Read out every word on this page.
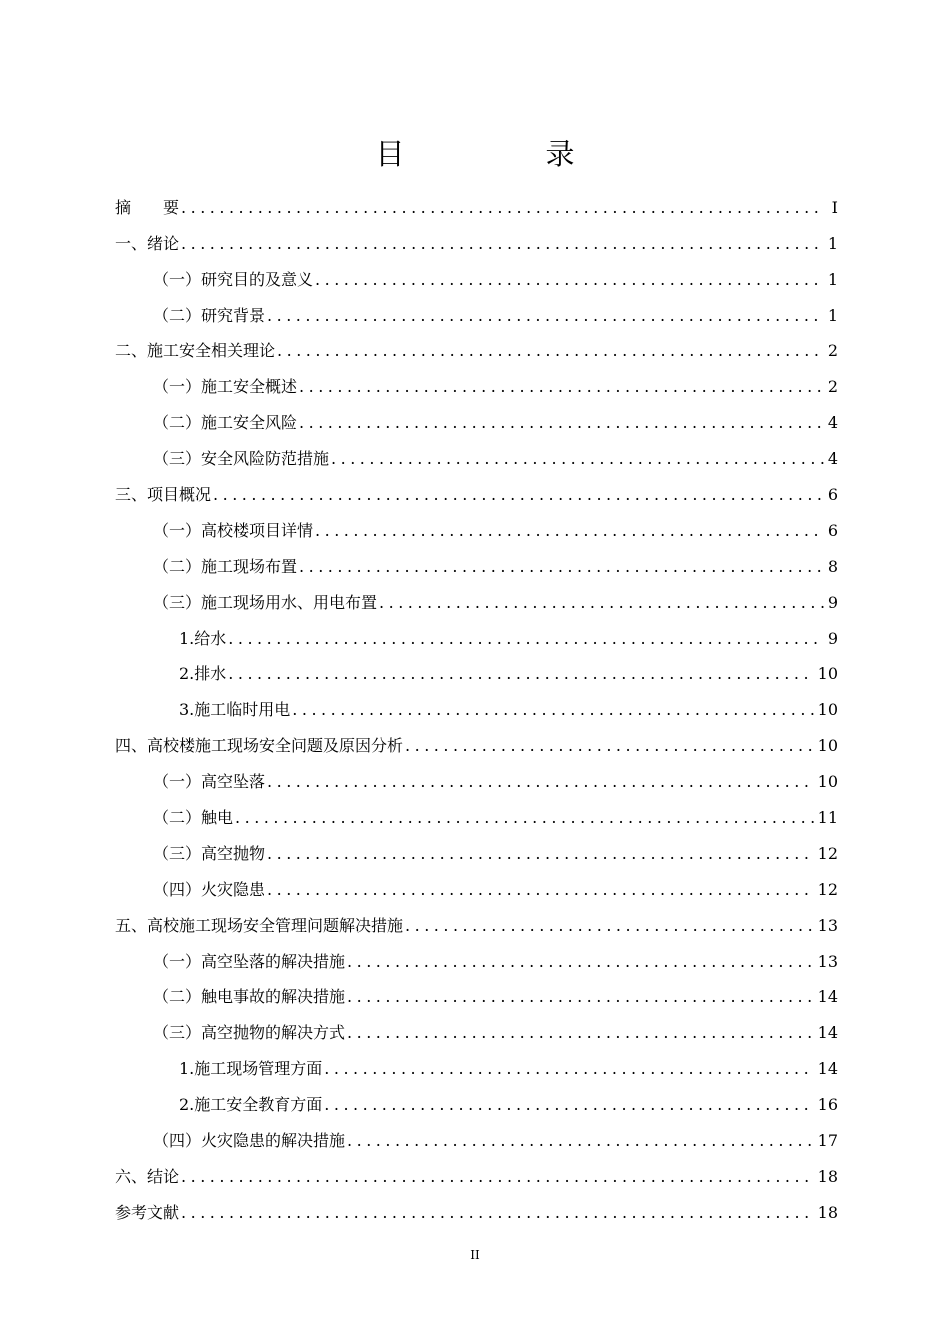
目　录
摘　　要 .....	I
一、绪论 .....	1
（一）研究目的及意义 .....	1
（二）研究背景 .....	1
二、施工安全相关理论 .....	2
（一）施工安全概述 .....	2
（二）施工安全风险 .....	4
（三）安全风险防范措施 .....	4
三、项目概况 .....	6
（一）高校楼项目详情 .....	6
（二）施工现场布置 .....	8
（三）施工现场用水、用电布置 .....	9
1.给水 .....	9
2.排水 .....	10
3.施工临时用电 .....	10
四、高校楼施工现场安全问题及原因分析 .....	10
（一）高空坠落 .....	10
（二）触电 .....	11
（三）高空抛物 .....	12
（四）火灾隐患 .....	12
五、高校施工现场安全管理问题解决措施 .....	13
（一）高空坠落的解决措施 .....	13
（二）触电事故的解决措施 .....	14
（三）高空抛物的解决方式 .....	14
1.施工现场管理方面 .....	14
2.施工安全教育方面 .....	16
（四）火灾隐患的解决措施 .....	17
六、结论 .....	18
参考文献 .....	18
II
